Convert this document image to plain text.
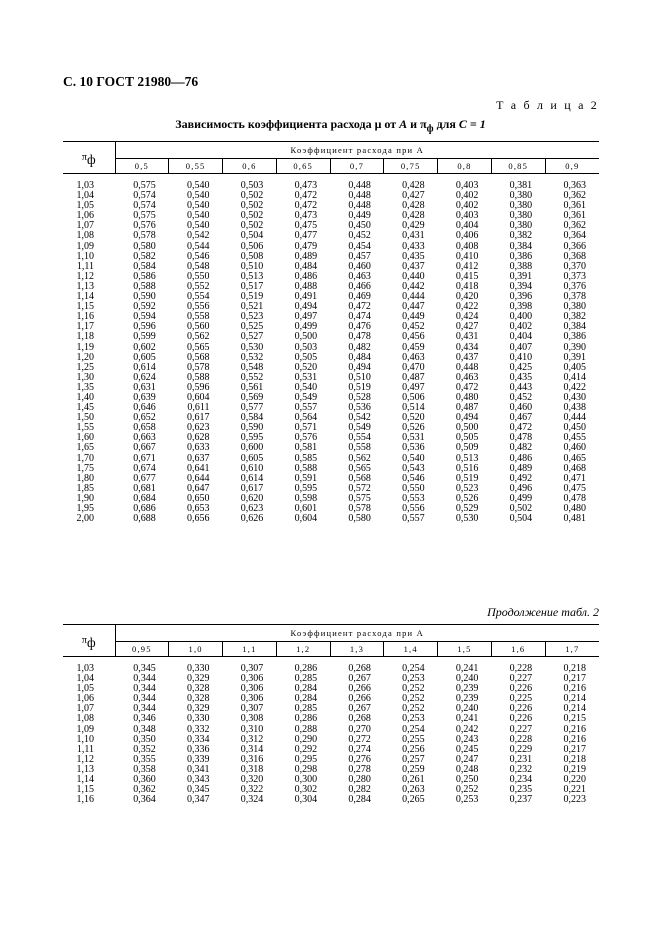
С. 10 ГОСТ 21980—76
Т а б л и ц а 2
Зависимость коэффициента расхода μ от A и $\pi_ф$ для C = 1
$\pi_ф$	Коэффициент расхода при A								
	0,5	0,55	0,6	0,65	0,7	0,75	0,8	0,85	0,9

1,03	0,575	0,540	0,503	0,473	0,448	0,428	0,403	0,381	0,363
1,04	0,574	0,540	0,502	0,472	0,448	0,427	0,402	0,380	0,362
1,05	0,574	0,540	0,502	0,472	0,448	0,428	0,402	0,380	0,361
1,06	0,575	0,540	0,502	0,473	0,449	0,428	0,403	0,380	0,361
1,07	0,576	0,540	0,502	0,475	0,450	0,429	0,404	0,380	0,362
1,08	0,578	0,542	0,504	0,477	0,452	0,431	0,406	0,382	0,364
1,09	0,580	0,544	0,506	0,479	0,454	0,433	0,408	0,384	0,366
1,10	0,582	0,546	0,508	0,489	0,457	0,435	0,410	0,386	0,368
1,11	0,584	0,548	0,510	0,484	0,460	0,437	0,412	0,388	0,370
1,12	0,586	0,550	0,513	0,486	0,463	0,440	0,415	0,391	0,373
1,13	0,588	0,552	0,517	0,488	0,466	0,442	0,418	0,394	0,376
1,14	0,590	0,554	0,519	0,491	0,469	0,444	0,420	0,396	0,378
1,15	0,592	0,556	0,521	0,494	0,472	0,447	0,422	0,398	0,380
1,16	0,594	0,558	0,523	0,497	0,474	0,449	0,424	0,400	0,382
1,17	0,596	0,560	0,525	0,499	0,476	0,452	0,427	0,402	0,384
1,18	0,599	0,562	0,527	0,500	0,478	0,456	0,431	0,404	0,386
1,19	0,602	0,565	0,530	0,503	0,482	0,459	0,434	0,407	0,390
1,20	0,605	0,568	0,532	0,505	0,484	0,463	0,437	0,410	0,391
1,25	0,614	0,578	0,548	0,520	0,494	0,470	0,448	0,425	0,405
1,30	0,624	0,588	0,552	0,531	0,510	0,487	0,463	0,435	0,414
1,35	0,631	0,596	0,561	0,540	0,519	0,497	0,472	0,443	0,422
1,40	0,639	0,604	0,569	0,549	0,528	0,506	0,480	0,452	0,430
1,45	0,646	0,611	0,577	0,557	0,536	0,514	0,487	0,460	0,438
1,50	0,652	0,617	0,584	0,564	0,542	0,520	0,494	0,467	0,444
1,55	0,658	0,623	0,590	0,571	0,549	0,526	0,500	0,472	0,450
1,60	0,663	0,628	0,595	0,576	0,554	0,531	0,505	0,478	0,455
1,65	0,667	0,633	0,600	0,581	0,558	0,536	0,509	0,482	0,460
1,70	0,671	0,637	0,605	0,585	0,562	0,540	0,513	0,486	0,465
1,75	0,674	0,641	0,610	0,588	0,565	0,543	0,516	0,489	0,468
1,80	0,677	0,644	0,614	0,591	0,568	0,546	0,519	0,492	0,471
1,85	0,681	0,647	0,617	0,595	0,572	0,550	0,523	0,496	0,475
1,90	0,684	0,650	0,620	0,598	0,575	0,553	0,526	0,499	0,478
1,95	0,686	0,653	0,623	0,601	0,578	0,556	0,529	0,502	0,480
2,00	0,688	0,656	0,626	0,604	0,580	0,557	0,530	0,504	0,481
Продолжение табл. 2
$\pi_ф$	Коэффициент расхода при A								
	0,95	1,0	1,1	1,2	1,3	1,4	1,5	1,6	1,7

1,03	0,345	0,330	0,307	0,286	0,268	0,254	0,241	0,228	0,218
1,04	0,344	0,329	0,306	0,285	0,267	0,253	0,240	0,227	0,217
1,05	0,344	0,328	0,306	0,284	0,266	0,252	0,239	0,226	0,216
1,06	0,344	0,328	0,306	0,284	0,266	0,252	0,239	0,225	0,214
1,07	0,344	0,329	0,307	0,285	0,267	0,252	0,240	0,226	0,214
1,08	0,346	0,330	0,308	0,286	0,268	0,253	0,241	0,226	0,215
1,09	0,348	0,332	0,310	0,288	0,270	0,254	0,242	0,227	0,216
1,10	0,350	0,334	0,312	0,290	0,272	0,255	0,243	0,228	0,216
1,11	0,352	0,336	0,314	0,292	0,274	0,256	0,245	0,229	0,217
1,12	0,355	0,339	0,316	0,295	0,276	0,257	0,247	0,231	0,218
1,13	0,358	0,341	0,318	0,298	0,278	0,259	0,248	0,232	0,219
1,14	0,360	0,343	0,320	0,300	0,280	0,261	0,250	0,234	0,220
1,15	0,362	0,345	0,322	0,302	0,282	0,263	0,252	0,235	0,221
1,16	0,364	0,347	0,324	0,304	0,284	0,265	0,253	0,237	0,223
